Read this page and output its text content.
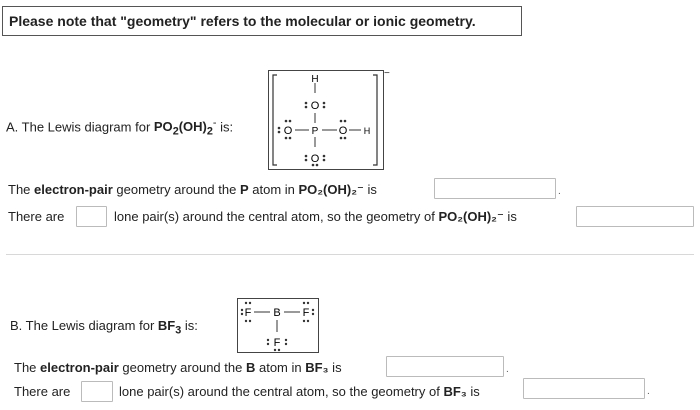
Please note that "geometry" refers to the molecular or ionic geometry.
A. The Lewis diagram for $PO_2(OH)_2^-$ is:
H
O
O P O H
O
−
The electron-pair geometry around the P atom in PO₂(OH)₂⁻ is	.
There are	lone pair(s) around the central atom, so the geometry of PO₂(OH)₂⁻ is
B. The Lewis diagram for $BF_3$ is:
F B F
F
The electron-pair geometry around the B atom in BF₃ is	.
There are	lone pair(s) around the central atom, so the geometry of BF₃ is	.
